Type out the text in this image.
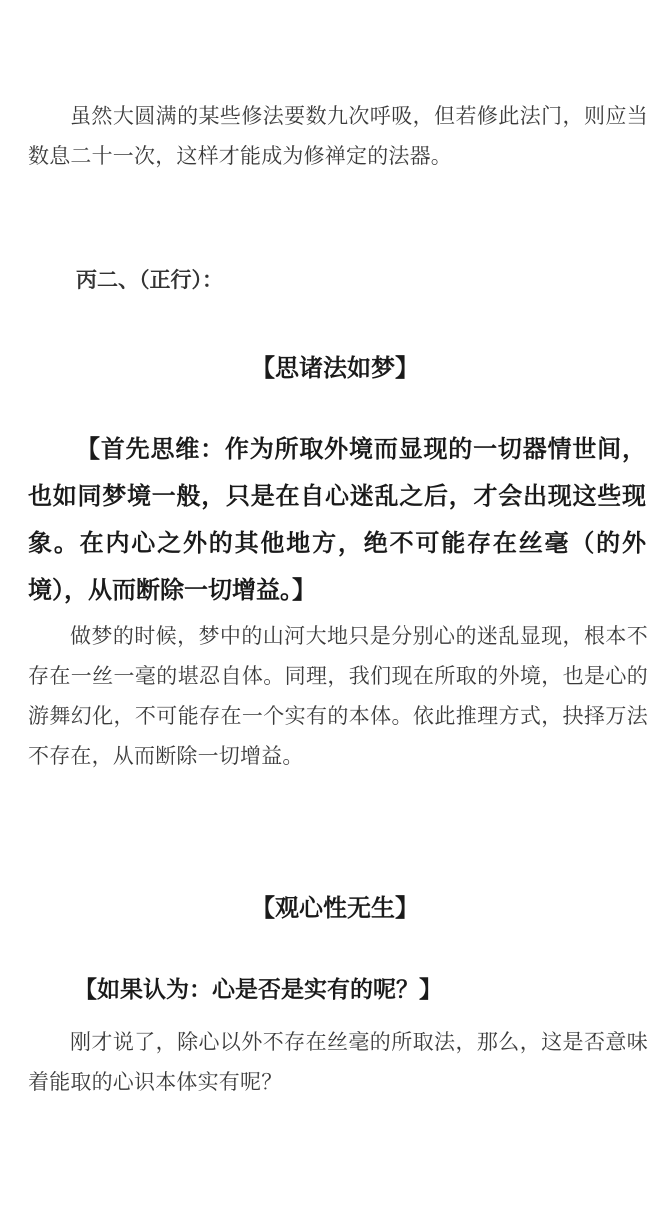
虽然大圆满的某些修法要数九次呼吸，但若修此法门，则应当数息二十一次，这样才能成为修禅定的法器。

丙二、（正行）：

【思诸法如梦】

【首先思维：作为所取外境而显现的一切器情世间，也如同梦境一般，只是在自心迷乱之后，才会出现这些现象。在内心之外的其他地方，绝不可能存在丝毫（的外境），从而断除一切增益。】

做梦的时候，梦中的山河大地只是分别心的迷乱显现，根本不存在一丝一毫的堪忍自体。同理，我们现在所取的外境，也是心的游舞幻化，不可能存在一个实有的本体。依此推理方式，抉择万法不存在，从而断除一切增益。

【观心性无生】

【如果认为：心是否是实有的呢？】

刚才说了，除心以外不存在丝毫的所取法，那么，这是否意味着能取的心识本体实有呢？
